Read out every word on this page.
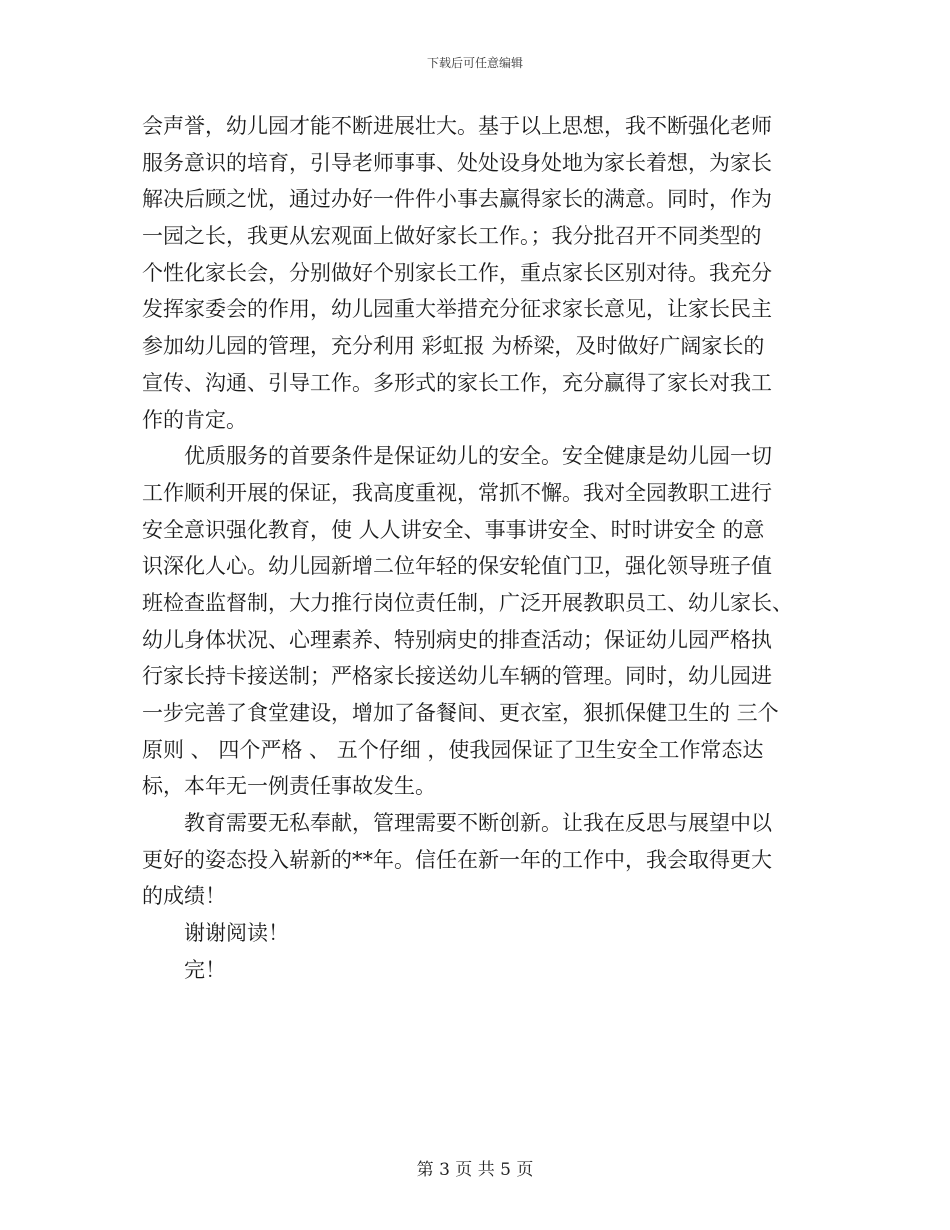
下载后可任意编辑
会声誉，幼儿园才能不断进展壮大。基于以上思想，我不断强化老师
服务意识的培育，引导老师事事、处处设身处地为家长着想，为家长
解决后顾之忧，通过办好一件件小事去赢得家长的满意。同时，作为
一园之长，我更从宏观面上做好家长工作。；我分批召开不同类型的
个性化家长会，分别做好个别家长工作，重点家长区别对待。我充分
发挥家委会的作用，幼儿园重大举措充分征求家长意见，让家长民主
参加幼儿园的管理，充分利用 彩虹报 为桥梁，及时做好广阔家长的
宣传、沟通、引导工作。多形式的家长工作，充分赢得了家长对我工
作的肯定。
　　优质服务的首要条件是保证幼儿的安全。安全健康是幼儿园一切
工作顺利开展的保证，我高度重视，常抓不懈。我对全园教职工进行
安全意识强化教育，使 人人讲安全、事事讲安全、时时讲安全 的意
识深化人心。幼儿园新增二位年轻的保安轮值门卫，强化领导班子值
班检查监督制，大力推行岗位责任制，广泛开展教职员工、幼儿家长、
幼儿身体状况、心理素养、特别病史的排查活动；保证幼儿园严格执
行家长持卡接送制；严格家长接送幼儿车辆的管理。同时，幼儿园进
一步完善了食堂建设，增加了备餐间、更衣室，狠抓保健卫生的 三个
原则 、 四个严格 、 五个仔细 ，使我园保证了卫生安全工作常态达
标，本年无一例责任事故发生。
　　教育需要无私奉献，管理需要不断创新。让我在反思与展望中以
更好的姿态投入崭新的**年。信任在新一年的工作中，我会取得更大
的成绩！
　　谢谢阅读！
　　完！
第 3 页 共 5 页
